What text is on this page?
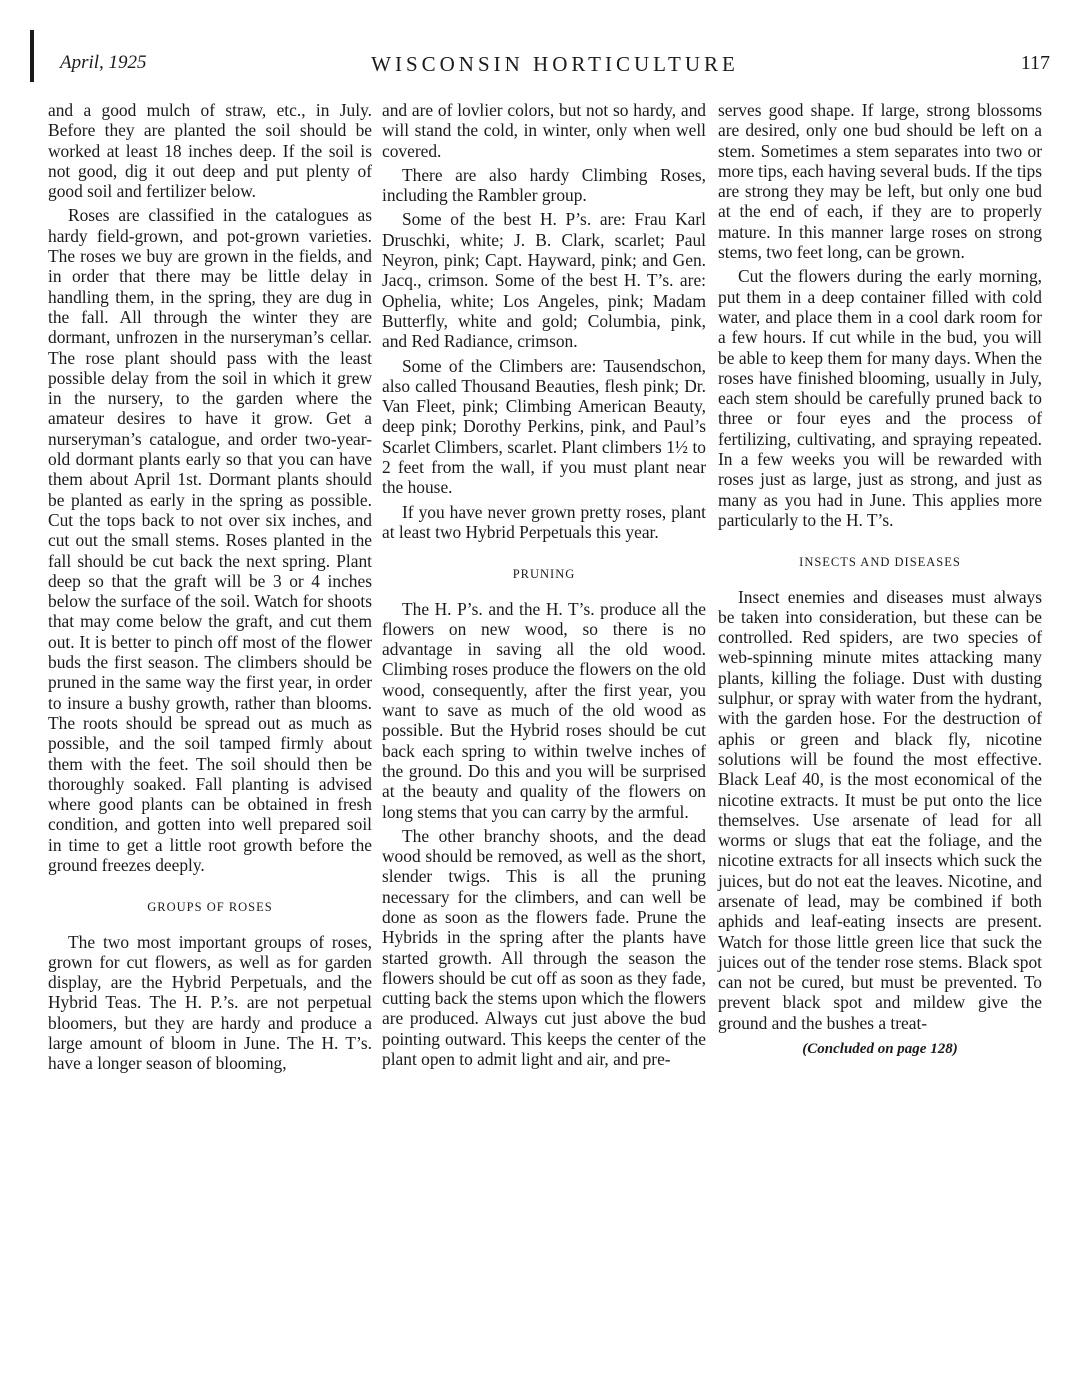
April, 1925	WISCONSIN HORTICULTURE	117

and a good mulch of straw, etc., in July. Before they are planted the soil should be worked at least 18 inches deep. If the soil is not good, dig it out deep and put plenty of good soil and fertilizer below.

Roses are classified in the catalogues as hardy field-grown, and pot-grown varieties. The roses we buy are grown in the fields, and in order that there may be little delay in handling them, in the spring, they are dug in the fall. All through the winter they are dormant, unfrozen in the nurseryman’s cellar. The rose plant should pass with the least possible delay from the soil in which it grew in the nursery, to the garden where the amateur desires to have it grow. Get a nurseryman’s catalogue, and order two-year-old dormant plants early so that you can have them about April 1st. Dormant plants should be planted as early in the spring as possible. Cut the tops back to not over six inches, and cut out the small stems. Roses planted in the fall should be cut back the next spring. Plant deep so that the graft will be 3 or 4 inches below the surface of the soil. Watch for shoots that may come below the graft, and cut them out. It is better to pinch off most of the flower buds the first season. The climbers should be pruned in the same way the first year, in order to insure a bushy growth, rather than blooms. The roots should be spread out as much as possible, and the soil tamped firmly about them with the feet. The soil should then be thoroughly soaked. Fall planting is advised where good plants can be obtained in fresh condition, and gotten into well prepared soil in time to get a little root growth before the ground freezes deeply.

GROUPS OF ROSES

The two most important groups of roses, grown for cut flowers, as well as for garden display, are the Hybrid Perpetuals, and the Hybrid Teas. The H. P.’s. are not perpetual bloomers, but they are hardy and produce a large amount of bloom in June. The H. T’s. have a longer season of blooming,

and are of lovlier colors, but not so hardy, and will stand the cold, in winter, only when well covered.

There are also hardy Climbing Roses, including the Rambler group.

Some of the best H. P’s. are: Frau Karl Druschki, white; J. B. Clark, scarlet; Paul Neyron, pink; Capt. Hayward, pink; and Gen. Jacq., crimson. Some of the best H. T’s. are: Ophelia, white; Los Angeles, pink; Madam Butterfly, white and gold; Columbia, pink, and Red Radiance, crimson.

Some of the Climbers are: Tausendschon, also called Thousand Beauties, flesh pink; Dr. Van Fleet, pink; Climbing American Beauty, deep pink; Dorothy Perkins, pink, and Paul’s Scarlet Climbers, scarlet. Plant climbers 1½ to 2 feet from the wall, if you must plant near the house.

If you have never grown pretty roses, plant at least two Hybrid Perpetuals this year.

PRUNING

The H. P’s. and the H. T’s. produce all the flowers on new wood, so there is no advantage in saving all the old wood. Climbing roses produce the flowers on the old wood, consequently, after the first year, you want to save as much of the old wood as possible. But the Hybrid roses should be cut back each spring to within twelve inches of the ground. Do this and you will be surprised at the beauty and quality of the flowers on long stems that you can carry by the armful.

The other branchy shoots, and the dead wood should be removed, as well as the short, slender twigs. This is all the pruning necessary for the climbers, and can well be done as soon as the flowers fade. Prune the Hybrids in the spring after the plants have started growth. All through the season the flowers should be cut off as soon as they fade, cutting back the stems upon which the flowers are produced. Always cut just above the bud pointing outward. This keeps the center of the plant open to admit light and air, and pre-

serves good shape. If large, strong blossoms are desired, only one bud should be left on a stem. Sometimes a stem separates into two or more tips, each having several buds. If the tips are strong they may be left, but only one bud at the end of each, if they are to properly mature. In this manner large roses on strong stems, two feet long, can be grown.

Cut the flowers during the early morning, put them in a deep container filled with cold water, and place them in a cool dark room for a few hours. If cut while in the bud, you will be able to keep them for many days. When the roses have finished blooming, usually in July, each stem should be carefully pruned back to three or four eyes and the process of fertilizing, cultivating, and spraying repeated. In a few weeks you will be rewarded with roses just as large, just as strong, and just as many as you had in June. This applies more particularly to the H. T’s.

INSECTS AND DISEASES

Insect enemies and diseases must always be taken into consideration, but these can be controlled. Red spiders, are two species of web-spinning minute mites attacking many plants, killing the foliage. Dust with dusting sulphur, or spray with water from the hydrant, with the garden hose. For the destruction of aphis or green and black fly, nicotine solutions will be found the most effective. Black Leaf 40, is the most economical of the nicotine extracts. It must be put onto the lice themselves. Use arsenate of lead for all worms or slugs that eat the foliage, and the nicotine extracts for all insects which suck the juices, but do not eat the leaves. Nicotine, and arsenate of lead, may be combined if both aphids and leaf-eating insects are present. Watch for those little green lice that suck the juices out of the tender rose stems. Black spot can not be cured, but must be prevented. To prevent black spot and mildew give the ground and the bushes a treat-

(Concluded on page 128)
